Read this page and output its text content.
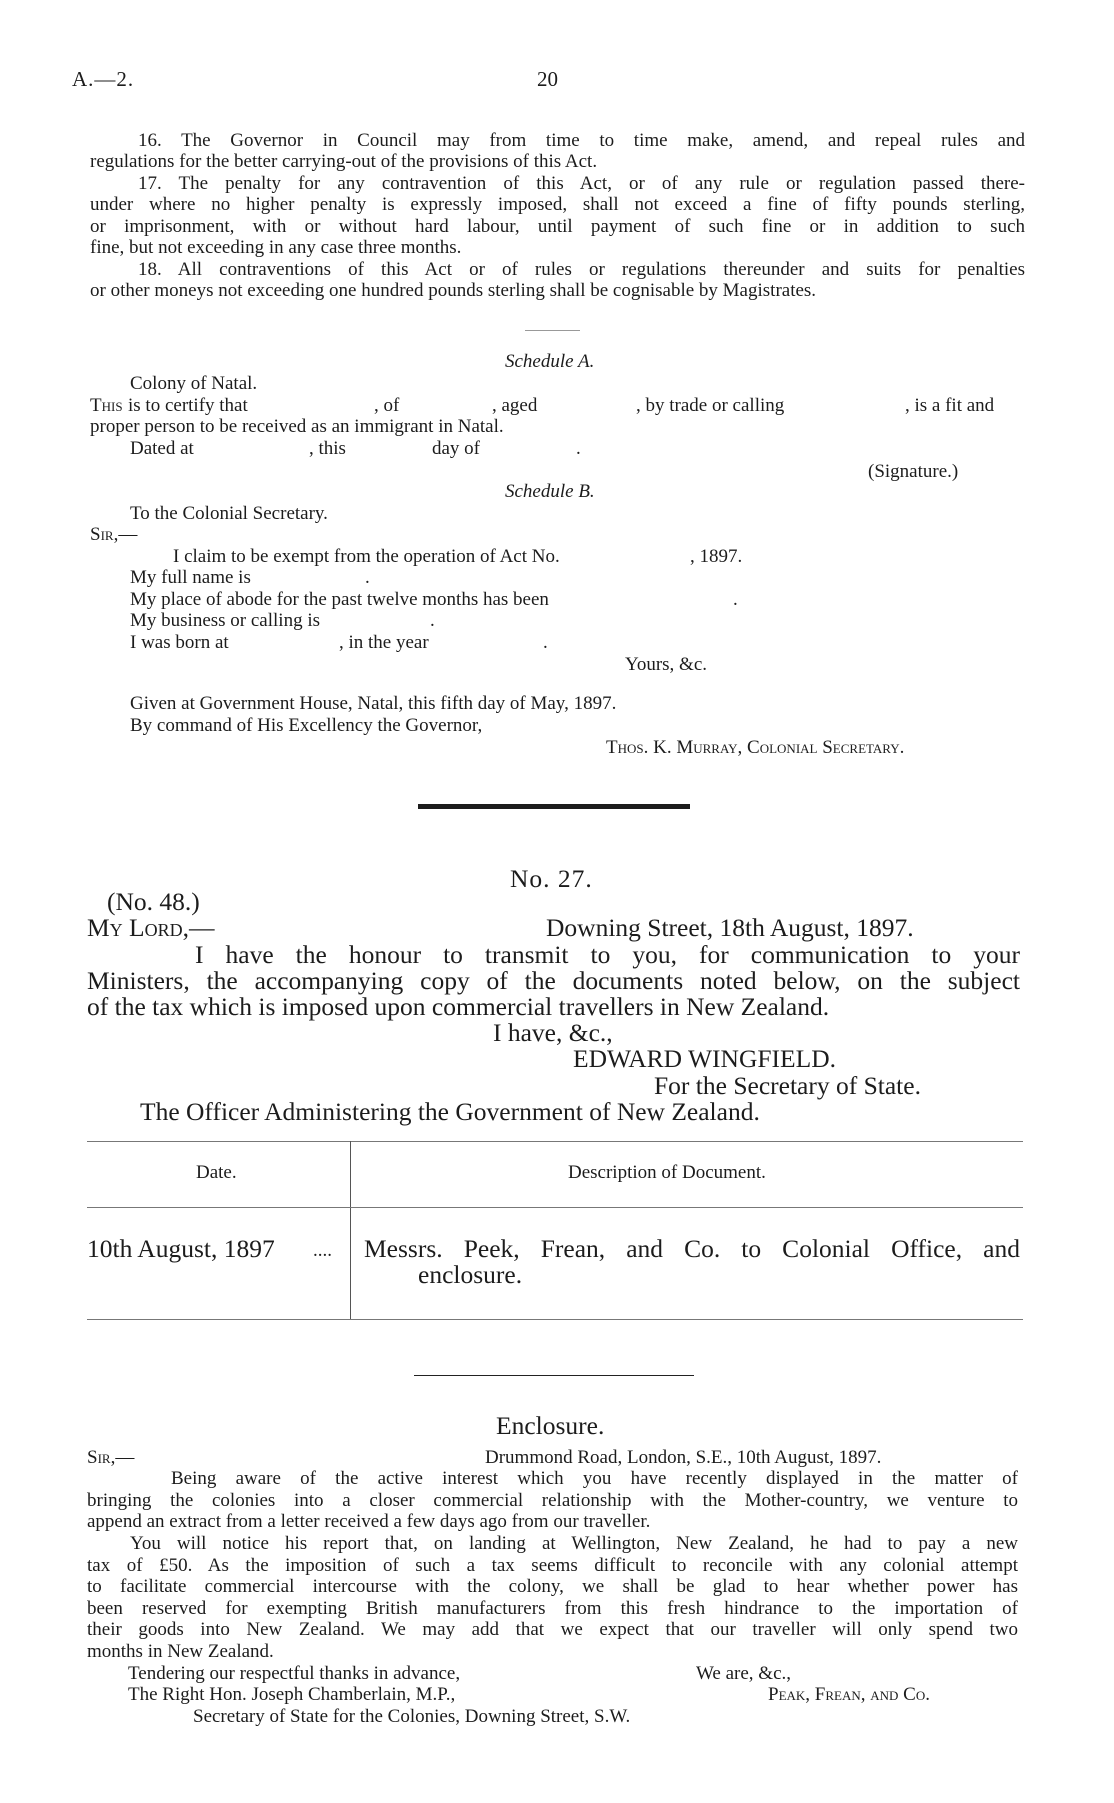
A.—2.	20
16. The Governor in Council may from time to time make, amend, and repeal rules and
regulations for the better carrying-out of the provisions of this Act.
17. The penalty for any contravention of this Act, or of any rule or regulation passed there-
under where no higher penalty is expressly imposed, shall not exceed a fine of fifty pounds sterling,
or imprisonment, with or without hard labour, until payment of such fine or in addition to such
fine, but not exceeding in any case three months.
18. All contraventions of this Act or of rules or regulations thereunder and suits for penalties
or other moneys not exceeding one hundred pounds sterling shall be cognisable by Magistrates.
Schedule A.
Colony of Natal.
This is to certify that	, of	, aged	, by trade or calling	, is a fit and
proper person to be received as an immigrant in Natal.
Dated at	, this	day of	.
(Signature.)
Schedule B.
To the Colonial Secretary.
Sir,—
I claim to be exempt from the operation of Act No.	, 1897.
My full name is	.
My place of abode for the past twelve months has been	.
My business or calling is	.
I was born at	, in the year	.
Yours, &c.
Given at Government House, Natal, this fifth day of May, 1897.
By command of His Excellency the Governor,
Thos. K. Murray, Colonial Secretary.
No. 27.
(No. 48.)
My Lord,—	Downing Street, 18th August, 1897.
I have the honour to transmit to you, for communication to your
Ministers, the accompanying copy of the documents noted below, on the subject
of the tax which is imposed upon commercial travellers in New Zealand.
I have, &c.,
EDWARD WINGFIELD.
For the Secretary of State.
The Officer Administering the Government of New Zealand.
Date.	Description of Document.
10th August, 1897 .... Messrs. Peek, Frean, and Co. to Colonial Office, and
enclosure.
Enclosure.
Sir,—	Drummond Road, London, S.E., 10th August, 1897.
Being aware of the active interest which you have recently displayed in the matter of
bringing the colonies into a closer commercial relationship with the Mother-country, we venture to
append an extract from a letter received a few days ago from our traveller.
You will notice his report that, on landing at Wellington, New Zealand, he had to pay a new
tax of £50. As the imposition of such a tax seems difficult to reconcile with any colonial attempt
to facilitate commercial intercourse with the colony, we shall be glad to hear whether power has
been reserved for exempting British manufacturers from this fresh hindrance to the importation of
their goods into New Zealand. We may add that we expect that our traveller will only spend two
months in New Zealand.
Tendering our respectful thanks in advance,	We are, &c.,
The Right Hon. Joseph Chamberlain, M.P.,	Peak, Frean, and Co.
Secretary of State for the Colonies, Downing Street, S.W.
